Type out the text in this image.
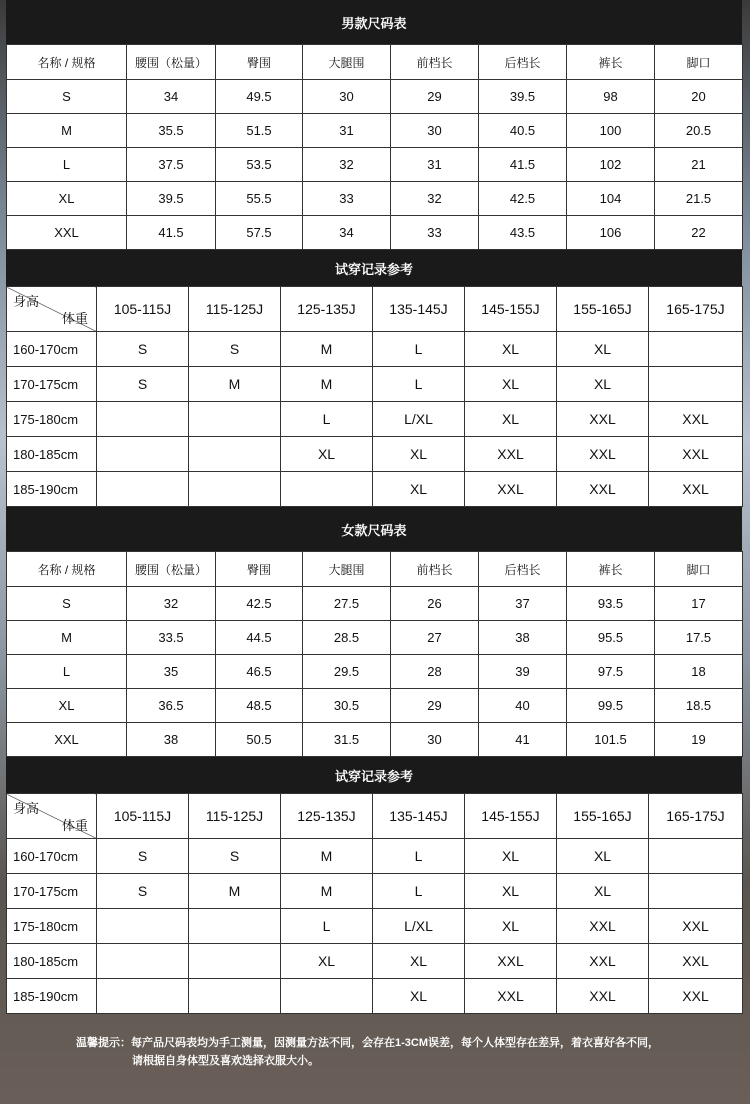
男款尺码表
名称 / 规格	腰围（松量）	臀围	大腿围	前档长	后档长	裤长	脚口
S	34	49.5	30	29	39.5	98	20
M	35.5	51.5	31	30	40.5	100	20.5
L	37.5	53.5	32	31	41.5	102	21
XL	39.5	55.5	33	32	42.5	104	21.5
XXL	41.5	57.5	34	33	43.5	106	22
试穿记录参考
身高
体重	105-115J	115-125J	125-135J	135-145J	145-155J	155-165J	165-175J
160-170cm	S	S	M	L	XL	XL	
170-175cm	S	M	M	L	XL	XL	
175-180cm			L	L/XL	XL	XXL	XXL
180-185cm			XL	XL	XXL	XXL	XXL
185-190cm				XL	XXL	XXL	XXL
女款尺码表
名称 / 规格	腰围（松量）	臀围	大腿围	前档长	后档长	裤长	脚口
S	32	42.5	27.5	26	37	93.5	17
M	33.5	44.5	28.5	27	38	95.5	17.5
L	35	46.5	29.5	28	39	97.5	18
XL	36.5	48.5	30.5	29	40	99.5	18.5
XXL	38	50.5	31.5	30	41	101.5	19
试穿记录参考
身高
体重	105-115J	115-125J	125-135J	135-145J	145-155J	155-165J	165-175J
160-170cm	S	S	M	L	XL	XL	
170-175cm	S	M	M	L	XL	XL	
175-180cm			L	L/XL	XL	XXL	XXL
180-185cm			XL	XL	XXL	XXL	XXL
185-190cm				XL	XXL	XXL	XXL
温馨提示：每产品尺码表均为手工测量，因测量方法不同，会存在1-3CM误差，每个人体型存在差异，着衣喜好各不同，
请根据自身体型及喜欢选择衣服大小。
